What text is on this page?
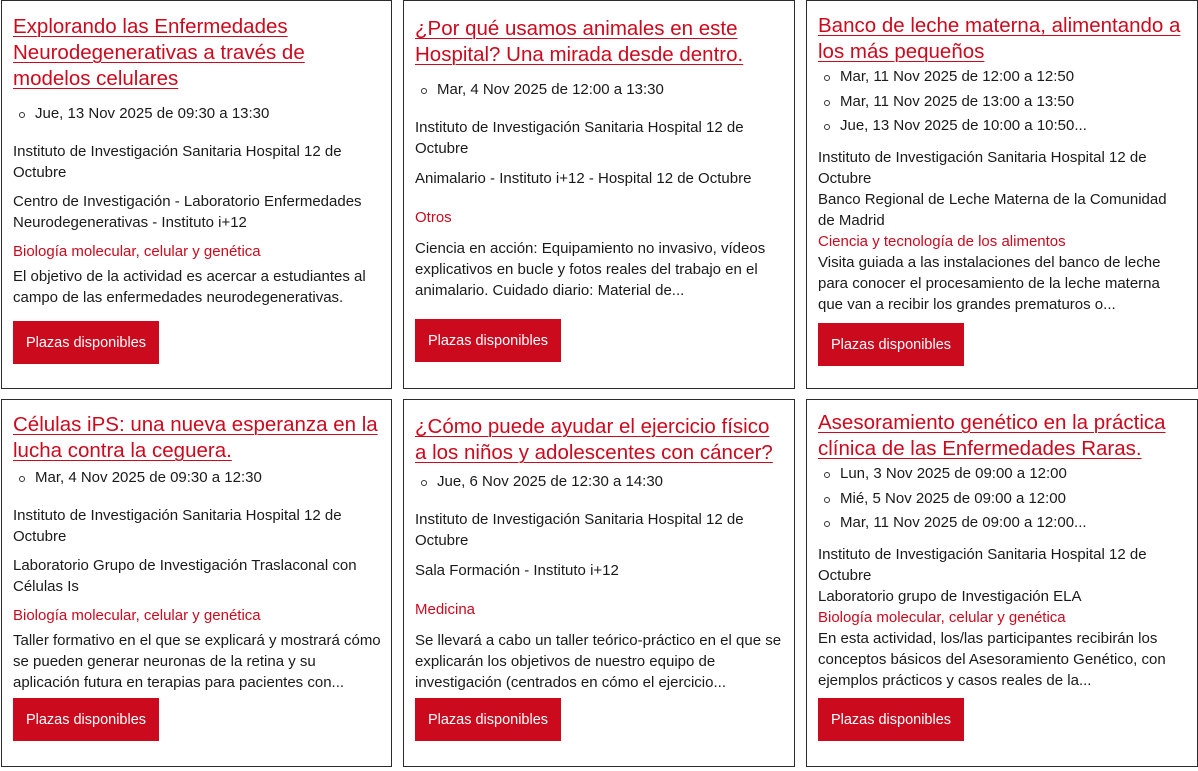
Explorando las Enfermedades Neurodegenerativas a través de modelos celulares
Jue, 13 Nov 2025 de 09:30 a 13:30

Instituto de Investigación Sanitaria Hospital 12 de Octubre

Centro de Investigación - Laboratorio Enfermedades Neurodegenerativas - Instituto i+12

Biología molecular, celular y genética

El objetivo de la actividad es acercar a estudiantes al campo de las enfermedades neurodegenerativas.

Plazas disponibles
¿Por qué usamos animales en este Hospital? Una mirada desde dentro.
Mar, 4 Nov 2025 de 12:00 a 13:30

Instituto de Investigación Sanitaria Hospital 12 de Octubre

Animalario - Instituto i+12 - Hospital 12 de Octubre

Otros

Ciencia en acción: Equipamiento no invasivo, vídeos explicativos en bucle y fotos reales del trabajo en el animalario. Cuidado diario: Material de...

Plazas disponibles
Banco de leche materna, alimentando a los más pequeños
Mar, 11 Nov 2025 de 12:00 a 12:50
Mar, 11 Nov 2025 de 13:00 a 13:50
Jue, 13 Nov 2025 de 10:00 a 10:50...

Instituto de Investigación Sanitaria Hospital 12 de Octubre

Banco Regional de Leche Materna de la Comunidad de Madrid

Ciencia y tecnología de los alimentos

Visita guiada a las instalaciones del banco de leche para conocer el procesamiento de la leche materna que van a recibir los grandes prematuros o...

Plazas disponibles
Células iPS: una nueva esperanza en la lucha contra la ceguera.
Mar, 4 Nov 2025 de 09:30 a 12:30

Instituto de Investigación Sanitaria Hospital 12 de Octubre

Laboratorio Grupo de Investigación Traslaconal con Células Is

Biología molecular, celular y genética

Taller formativo en el que se explicará y mostrará cómo se pueden generar neuronas de la retina y su aplicación futura en terapias para pacientes con...

Plazas disponibles
¿Cómo puede ayudar el ejercicio físico a los niños y adolescentes con cáncer?
Jue, 6 Nov 2025 de 12:30 a 14:30

Instituto de Investigación Sanitaria Hospital 12 de Octubre

Sala Formación - Instituto i+12

Medicina

Se llevará a cabo un taller teórico-práctico en el que se explicarán los objetivos de nuestro equipo de investigación (centrados en cómo el ejercicio...

Plazas disponibles
Asesoramiento genético en la práctica clínica de las Enfermedades Raras.
Lun, 3 Nov 2025 de 09:00 a 12:00
Mié, 5 Nov 2025 de 09:00 a 12:00
Mar, 11 Nov 2025 de 09:00 a 12:00...

Instituto de Investigación Sanitaria Hospital 12 de Octubre

Laboratorio grupo de Investigación ELA

Biología molecular, celular y genética

En esta actividad, los/las participantes recibirán los conceptos básicos del Asesoramiento Genético, con ejemplos prácticos y casos reales de la...

Plazas disponibles
